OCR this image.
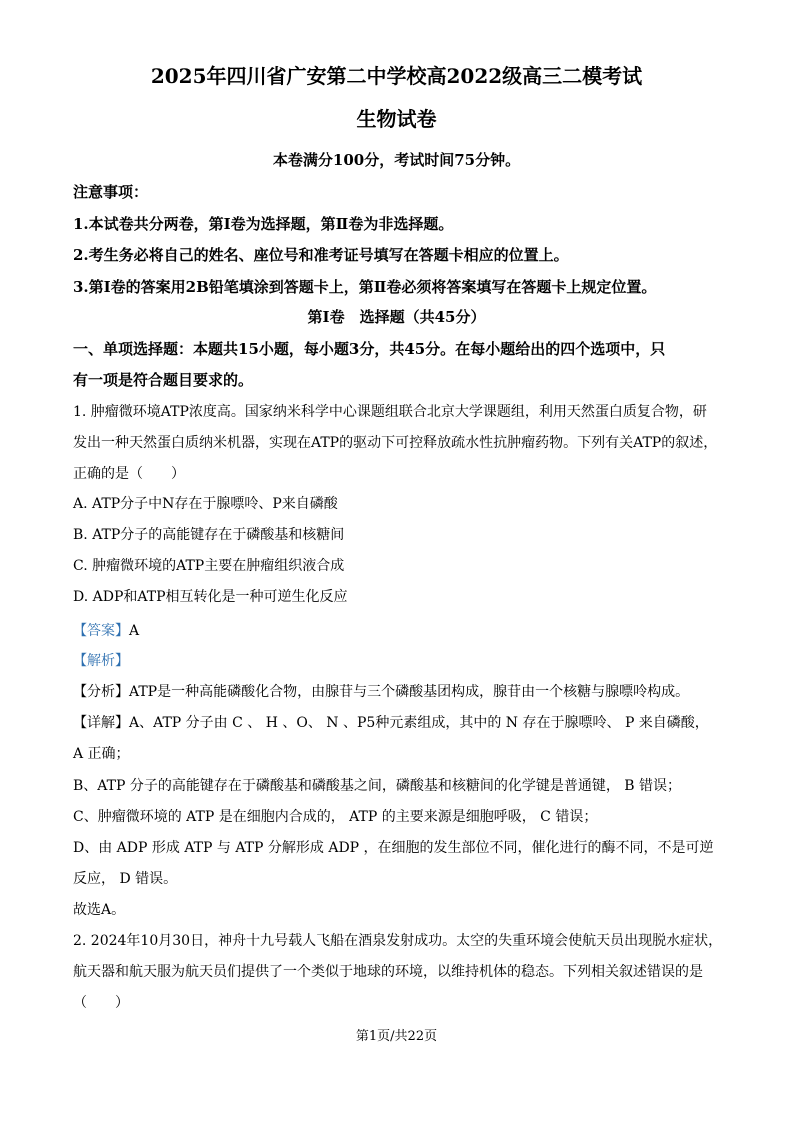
2025年四川省广安第二中学校高2022级高三二模考试
生物试卷
本卷满分100分，考试时间75分钟。
注意事项：
1.本试卷共分两卷，第Ⅰ卷为选择题，第Ⅱ卷为非选择题。
2.考生务必将自己的姓名、座位号和准考证号填写在答题卡相应的位置上。
3.第Ⅰ卷的答案用2B铅笔填涂到答题卡上，第Ⅱ卷必须将答案填写在答题卡上规定位置。
第Ⅰ卷　选择题（共45分）
一、单项选择题：本题共15小题，每小题3分，共45分。在每小题给出的四个选项中，只
有一项是符合题目要求的。
1. 肿瘤微环境ATP浓度高。国家纳米科学中心课题组联合北京大学课题组，利用天然蛋白质复合物，研
发出一种天然蛋白质纳米机器，实现在ATP的驱动下可控释放疏水性抗肿瘤药物。下列有关ATP的叙述，
正确的是（　　）
A. ATP分子中N存在于腺嘌呤、P来自磷酸
B. ATP分子的高能键存在于磷酸基和核糖间
C. 肿瘤微环境的ATP主要在肿瘤组织液合成
D. ADP和ATP相互转化是一种可逆生化反应
【答案】A
【解析】
【分析】ATP是一种高能磷酸化合物，由腺苷与三个磷酸基团构成，腺苷由一个核糖与腺嘌呤构成。
【详解】A、ATP 分子由 C 、 H 、O、 N 、P5种元素组成，其中的 N 存在于腺嘌呤、 P 来自磷酸，
A 正确；
B、ATP 分子的高能键存在于磷酸基和磷酸基之间，磷酸基和核糖间的化学键是普通键， B 错误；
C、肿瘤微环境的 ATP 是在细胞内合成的， ATP 的主要来源是细胞呼吸， C 错误；
D、由 ADP 形成 ATP 与 ATP 分解形成 ADP ，在细胞的发生部位不同，催化进行的酶不同，不是可逆
反应， D 错误。
故选A。
2. 2024年10月30日，神舟十九号载人飞船在酒泉发射成功。太空的失重环境会使航天员出现脱水症状，
航天器和航天服为航天员们提供了一个类似于地球的环境，以维持机体的稳态。下列相关叙述错误的是
（　　）
第1页/共22页
